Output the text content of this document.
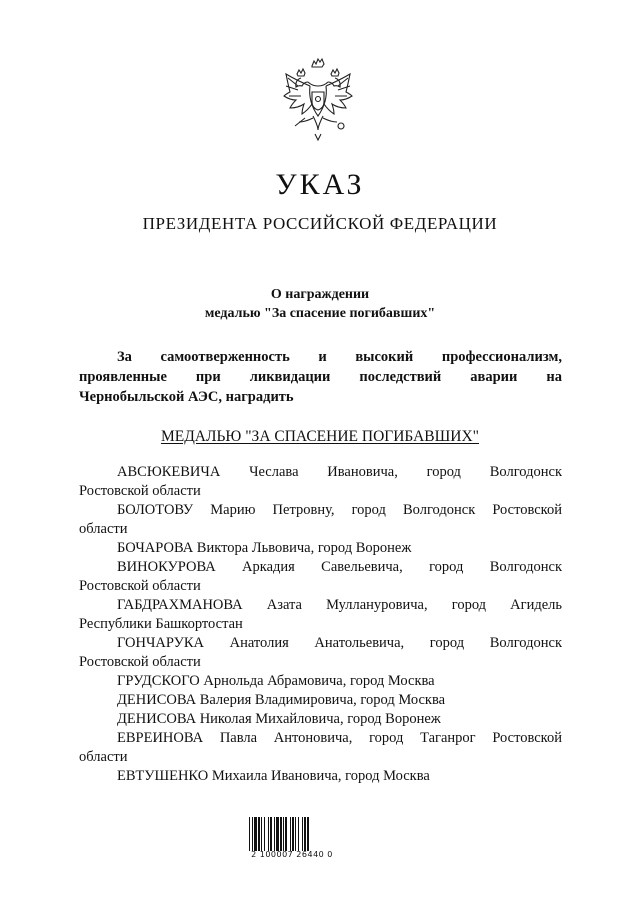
УКАЗ
ПРЕЗИДЕНТА РОССИЙСКОЙ ФЕДЕРАЦИИ
О награждении
медалью "За спасение погибавших"
За самоотверженность и высокий профессионализм,
проявленные при ликвидации последствий аварии на
Чернобыльской АЭС, наградить
МЕДАЛЬЮ "ЗА СПАСЕНИЕ ПОГИБАВШИХ"
АВСЮКЕВИЧА Чеслава Ивановича, город Волгодонск
Ростовской области
БОЛОТОВУ Марию Петровну, город Волгодонск Ростовской
области
БОЧАРОВА Виктора Львовича, город Воронеж
ВИНОКУРОВА Аркадия Савельевича, город Волгодонск
Ростовской области
ГАБДРАХМАНОВА Азата Муллануровича, город Агидель
Республики Башкортостан
ГОНЧАРУКА Анатолия Анатольевича, город Волгодонск
Ростовской области
ГРУДСКОГО Арнольда Абрамовича, город Москва
ДЕНИСОВА Валерия Владимировича, город Москва
ДЕНИСОВА Николая Михайловича, город Воронеж
ЕВРЕИНОВА Павла Антоновича, город Таганрог Ростовской
области
ЕВТУШЕНКО Михаила Ивановича, город Москва
2 100007 26440 0
